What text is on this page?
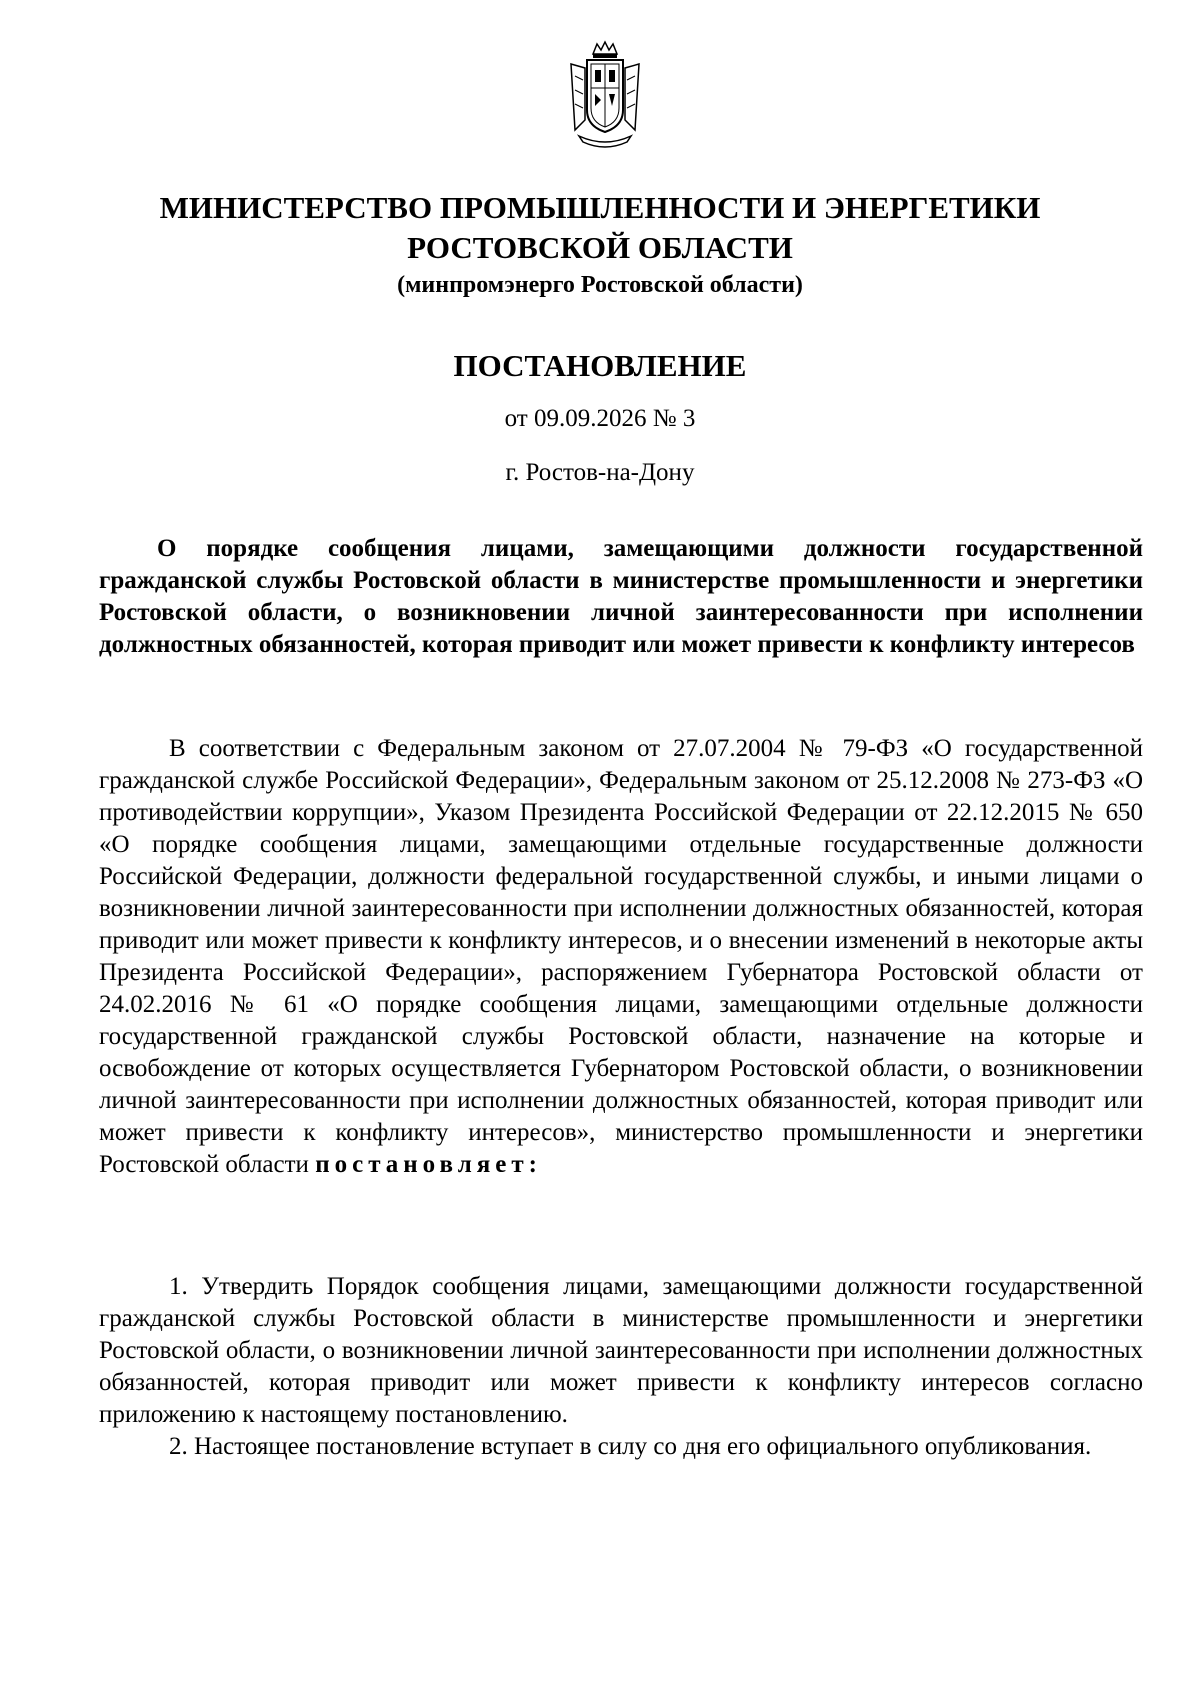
МИНИСТЕРСТВО ПРОМЫШЛЕННОСТИ И ЭНЕРГЕТИКИ
РОСТОВСКОЙ ОБЛАСТИ
(минпромэнерго Ростовской области)
ПОСТАНОВЛЕНИЕ
от 09.09.2026 № 3
г. Ростов-на-Дону
О порядке сообщения лицами, замещающими должности государственной гражданской службы Ростовской области в министерстве промышленности и энергетики Ростовской области, о возникновении личной заинтересованности при исполнении должностных обязанностей, которая приводит или может привести к конфликту интересов
В соответствии с Федеральным законом от 27.07.2004 № 79-ФЗ «О государственной гражданской службе Российской Федерации», Федеральным законом от 25.12.2008 № 273-ФЗ «О противодействии коррупции», Указом Президента Российской Федерации от 22.12.2015 № 650 «О порядке сообщения лицами, замещающими отдельные государственные должности Российской Федерации, должности федеральной государственной службы, и иными лицами о возникновении личной заинтересованности при исполнении должностных обязанностей, которая приводит или может привести к конфликту интересов, и о внесении изменений в некоторые акты Президента Российской Федерации», распоряжением Губернатора Ростовской области от 24.02.2016 № 61 «О порядке сообщения лицами, замещающими отдельные должности государственной гражданской службы Ростовской области, назначение на которые и освобождение от которых осуществляется Губернатором Ростовской области, о возникновении личной заинтересованности при исполнении должностных обязанностей, которая приводит или может привести к конфликту интересов», министерство промышленности и энергетики Ростовской области постановляет:

1. Утвердить Порядок сообщения лицами, замещающими должности государственной гражданской службы Ростовской области в министерстве промышленности и энергетики Ростовской области, о возникновении личной заинтересованности при исполнении должностных обязанностей, которая приводит или может привести к конфликту интересов согласно приложению к настоящему постановлению.

2. Настоящее постановление вступает в силу со дня его официального опубликования.
